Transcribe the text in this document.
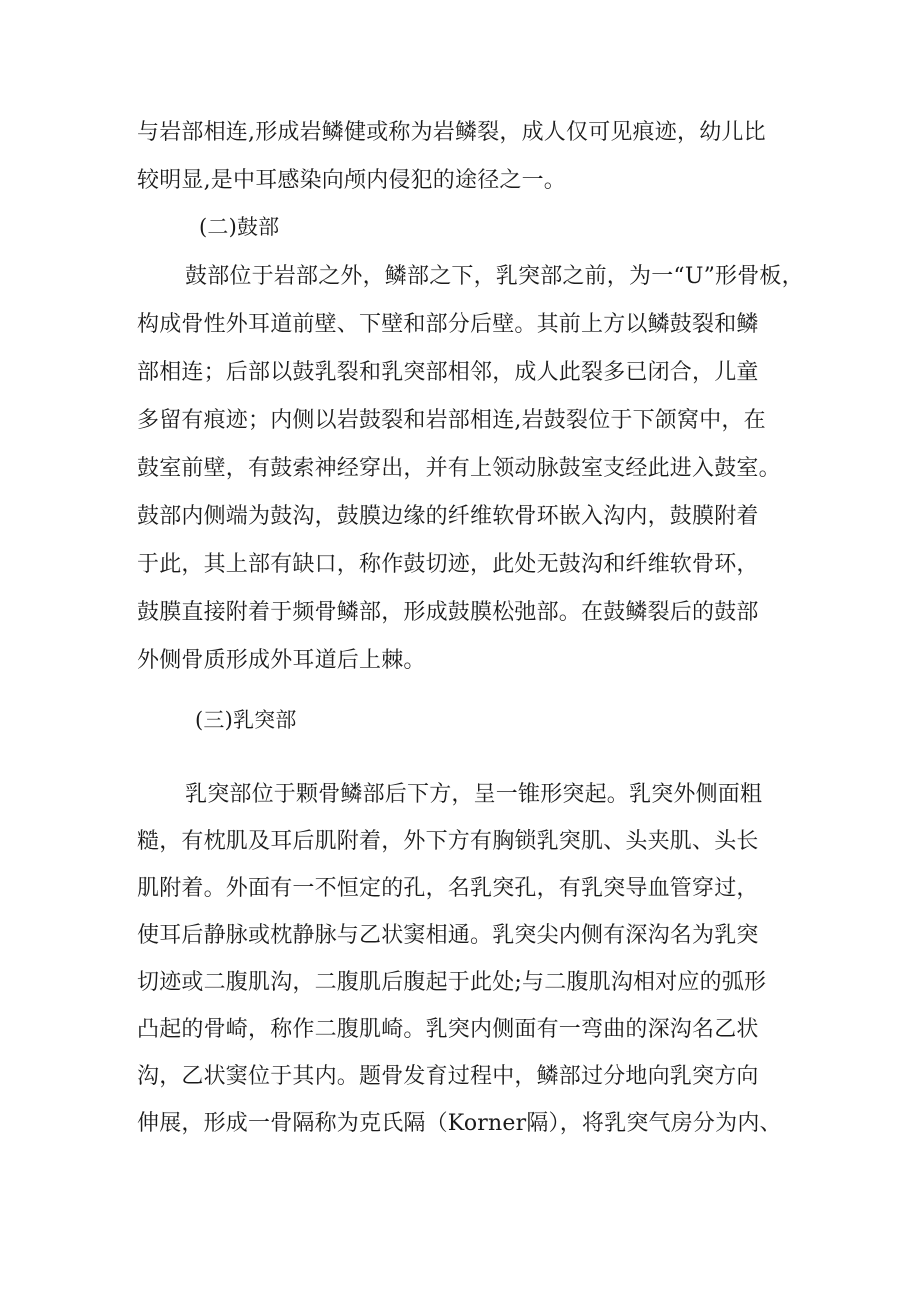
与岩部相连,形成岩鳞健或称为岩鳞裂，成人仅可见痕迹，幼儿比
较明显,是中耳感染向颅内侵犯的途径之一。
(二)鼓部
鼓部位于岩部之外，鳞部之下，乳突部之前，为一“U”形骨板，
构成骨性外耳道前壁、下壁和部分后壁。其前上方以鳞鼓裂和鳞
部相连；后部以鼓乳裂和乳突部相邻，成人此裂多已闭合，儿童
多留有痕迹；内侧以岩鼓裂和岩部相连,岩鼓裂位于下颌窝中，在
鼓室前壁，有鼓索神经穿出，并有上领动脉鼓室支经此进入鼓室。
鼓部内侧端为鼓沟，鼓膜边缘的纤维软骨环嵌入沟内，鼓膜附着
于此，其上部有缺口，称作鼓切迹，此处无鼓沟和纤维软骨环，
鼓膜直接附着于频骨鳞部，形成鼓膜松弛部。在鼓鳞裂后的鼓部
外侧骨质形成外耳道后上棘。
(三)乳突部
乳突部位于颗骨鳞部后下方，呈一锥形突起。乳突外侧面粗
糙，有枕肌及耳后肌附着，外下方有胸锁乳突肌、头夹肌、头长
肌附着。外面有一不恒定的孔，名乳突孔，有乳突导血管穿过，
使耳后静脉或枕静脉与乙状窦相通。乳突尖内侧有深沟名为乳突
切迹或二腹肌沟，二腹肌后腹起于此处;与二腹肌沟相对应的弧形
凸起的骨崎，称作二腹肌崎。乳突内侧面有一弯曲的深沟名乙状
沟，乙状窦位于其内。题骨发育过程中，鳞部过分地向乳突方向
伸展，形成一骨隔称为克氏隔（Korner隔），将乳突气房分为内、
